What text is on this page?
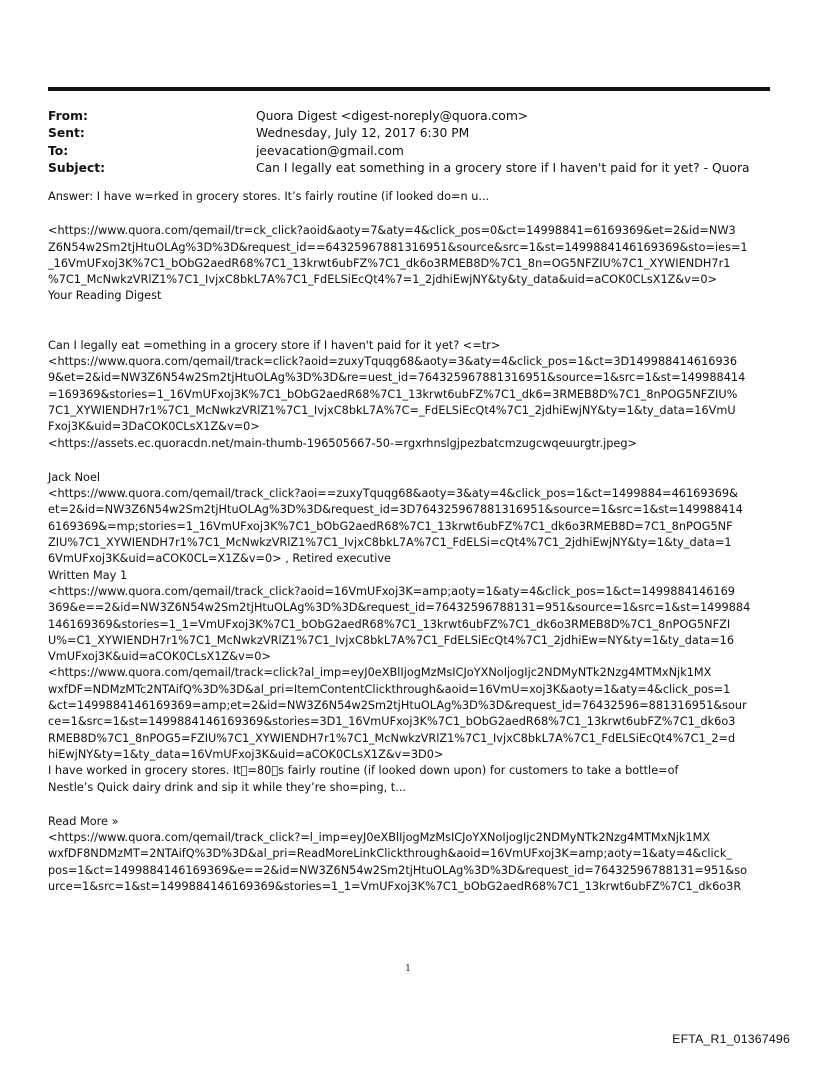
From:	Quora Digest <digest-noreply@quora.com>
Sent:	Wednesday, July 12, 2017 6:30 PM
To:	jeevacation@gmail.com
Subject:	Can I legally eat something in a grocery store if I haven't paid for it yet? - Quora

Answer: I have w=rked in grocery stores. It’s fairly routine (if looked do=n u...

<https://www.quora.com/qemail/tr=ck_click?aoid&aoty=7&aty=4&click_pos=0&ct=14998841=6169369&et=2&id=NW3
Z6N54w2Sm2tjHtuOLAg%3D%3D&request_id==64325967881316951&source&src=1&st=1499884146169369&sto=ies=1
_16VmUFxoj3K%7C1_bObG2aedR68%7C1_13krwt6ubFZ%7C1_dk6o3RMEB8D%7C1_8n=OG5NFZIU%7C1_XYWIENDH7r1
%7C1_McNwkzVRlZ1%7C1_IvjxC8bkL7A%7C1_FdELSiEcQt4%7=1_2jdhiEwjNY&ty&ty_data&uid=aCOK0CLsX1Z&v=0>

Your Reading Digest

Can I legally eat =omething in a grocery store if I haven't paid for it yet? <=tr>

<https://www.quora.com/qemail/track=click?aoid=zuxyTquqg68&aoty=3&aty=4&click_pos=1&ct=3D149988414616936
9&et=2&id=NW3Z6N54w2Sm2tjHtuOLAg%3D%3D&re=uest_id=764325967881316951&source=1&src=1&st=149988414
=169369&stories=1_16VmUFxoj3K%7C1_bObG2aedR68%7C1_13krwt6ubFZ%7C1_dk6=3RMEB8D%7C1_8nPOG5NFZIU%
7C1_XYWIENDH7r1%7C1_McNwkzVRlZ1%7C1_IvjxC8bkL7A%7C=_FdELSiEcQt4%7C1_2jdhiEwjNY&ty=1&ty_data=16VmU
Fxoj3K&uid=3DaCOK0CLsX1Z&v=0>

<https://assets.ec.quoracdn.net/main-thumb-196505667-50-=rgxrhnslgjpezbatcmzugcwqeuurgtr.jpeg>

Jack Noel

<https://www.quora.com/qemail/track_click?aoi==zuxyTquqg68&aoty=3&aty=4&click_pos=1&ct=1499884=46169369&
et=2&id=NW3Z6N54w2Sm2tjHtuOLAg%3D%3D&request_id=3D764325967881316951&source=1&src=1&st=149988414
6169369&=mp;stories=1_16VmUFxoj3K%7C1_bObG2aedR68%7C1_13krwt6ubFZ%7C1_dk6o3RMEB8D=7C1_8nPOG5NF
ZIU%7C1_XYWIENDH7r1%7C1_McNwkzVRlZ1%7C1_IvjxC8bkL7A%7C1_FdELSi=cQt4%7C1_2jdhiEwjNY&ty=1&ty_data=1
6VmUFxoj3K&uid=aCOK0CL=X1Z&v=0> , Retired executive

Written May 1

<https://www.quora.com/qemail/track_click?aoid=16VmUFxoj3K=amp;aoty=1&aty=4&click_pos=1&ct=1499884146169
369&e==2&id=NW3Z6N54w2Sm2tjHtuOLAg%3D%3D&request_id=76432596788131=951&source=1&src=1&st=1499884
146169369&stories=1_1=VmUFxoj3K%7C1_bObG2aedR68%7C1_13krwt6ubFZ%7C1_dk6o3RMEB8D%7C1_8nPOG5NFZI
U%=C1_XYWIENDH7r1%7C1_McNwkzVRlZ1%7C1_IvjxC8bkL7A%7C1_FdELSiEcQt4%7C1_2jdhiEw=NY&ty=1&ty_data=16
VmUFxoj3K&uid=aCOK0CLsX1Z&v=0>

<https://www.quora.com/qemail/track=click?al_imp=eyJ0eXBlIjogMzMsICJoYXNoIjogIjc2NDMyNTk2Nzg4MTMxNjk1MX
wxfDF=NDMzMTc2NTAifQ%3D%3D&al_pri=ItemContentClickthrough&aoid=16VmU=xoj3K&aoty=1&aty=4&click_pos=1
&ct=1499884146169369=amp;et=2&id=NW3Z6N54w2Sm2tjHtuOLAg%3D%3D&request_id=76432596=881316951&sour
ce=1&src=1&st=1499884146169369&stories=3D1_16VmUFxoj3K%7C1_bObG2aedR68%7C1_13krwt6ubFZ%7C1_dk6o3
RMEB8D%7C1_8nPOG5=FZIU%7C1_XYWIENDH7r1%7C1_McNwkzVRlZ1%7C1_IvjxC8bkL7A%7C1_FdELSiEcQt4%7C1_2=d
hiEwjNY&ty=1&ty_data=16VmUFxoj3K&uid=aCOK0CLsX1Z&v=3D0>

I have worked in grocery stores. It =80 s fairly routine (if looked down upon) for customers to take a bottle=of
Nestle’s Quick dairy drink and sip it while they’re sho=ping, t...

Read More »

<https://www.quora.com/qemail/track_click?=l_imp=eyJ0eXBlIjogMzMsICJoYXNoIjogIjc2NDMyNTk2Nzg4MTMxNjk1MX
wxfDF8NDMzMT=2NTAifQ%3D%3D&al_pri=ReadMoreLinkClickthrough&aoid=16VmUFxoj3K=amp;aoty=1&aty=4&click_
pos=1&ct=1499884146169369&e==2&id=NW3Z6N54w2Sm2tjHtuOLAg%3D%3D&request_id=76432596788131=951&so
urce=1&src=1&st=1499884146169369&stories=1_1=VmUFxoj3K%7C1_bObG2aedR68%7C1_13krwt6ubFZ%7C1_dk6o3R

1
EFTA_R1_01367496
